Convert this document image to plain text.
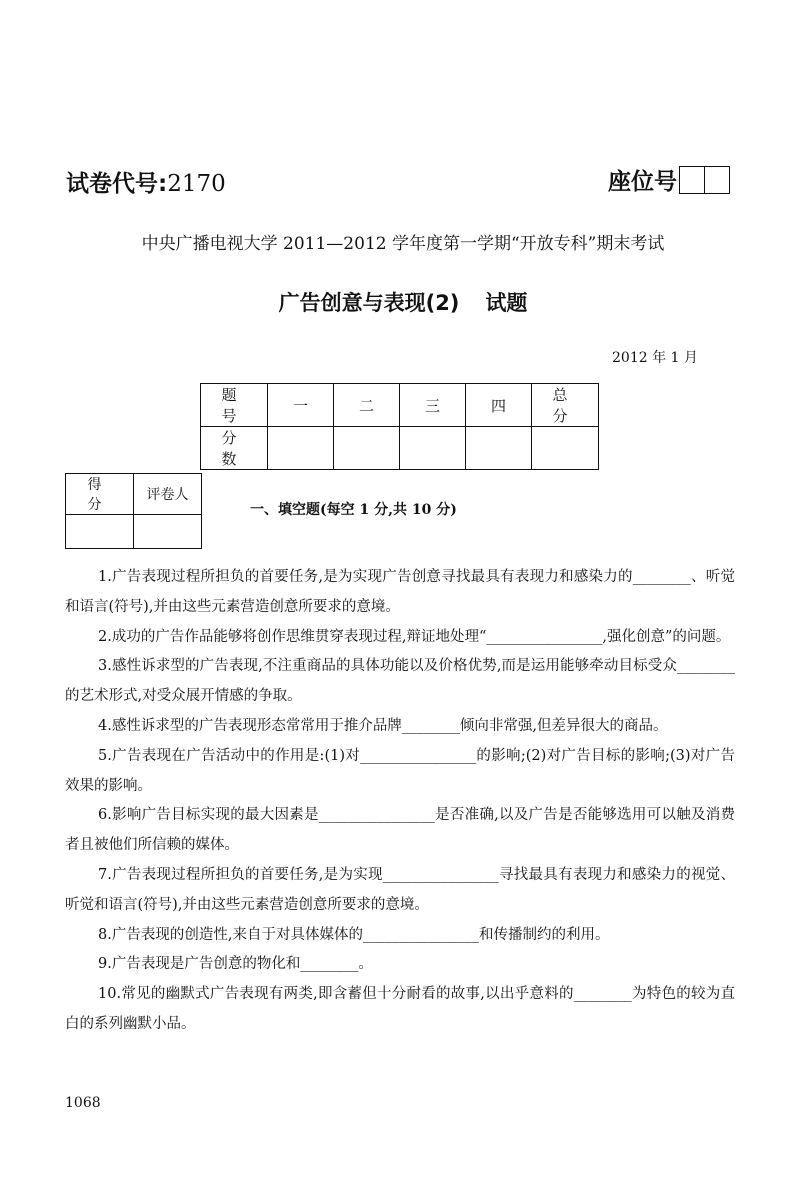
试卷代号:2170	座位号
中央广播电视大学 2011—2012 学年度第一学期“开放专科”期末考试
广告创意与表现(2) 试题
2012 年 1 月
题　号	一	二	三	四	总　分
分　数					
得　分	评卷人

一、填空题(每空 1 分,共 10 分)

1.广告表现过程所担负的首要任务,是为实现广告创意寻找最具有表现力和感染力的________、听觉和语言(符号),并由这些元素营造创意所要求的意境。

2.成功的广告作品能够将创作思维贯穿表现过程,辩证地处理“________________,强化创意”的问题。

3.感性诉求型的广告表现,不注重商品的具体功能以及价格优势,而是运用能够牵动目标受众________的艺术形式,对受众展开情感的争取。

4.感性诉求型的广告表现形态常常用于推介品牌________倾向非常强,但差异很大的商品。

5.广告表现在广告活动中的作用是:(1)对________________的影响;(2)对广告目标的影响;(3)对广告效果的影响。

6.影响广告目标实现的最大因素是________________是否准确,以及广告是否能够选用可以触及消费者且被他们所信赖的媒体。

7.广告表现过程所担负的首要任务,是为实现________________寻找最具有表现力和感染力的视觉、听觉和语言(符号),并由这些元素营造创意所要求的意境。

8.广告表现的创造性,来自于对具体媒体的________________和传播制约的利用。

9.广告表现是广告创意的物化和________。

10.常见的幽默式广告表现有两类,即含蓄但十分耐看的故事,以出乎意料的________为特色的较为直白的系列幽默小品。

1068
